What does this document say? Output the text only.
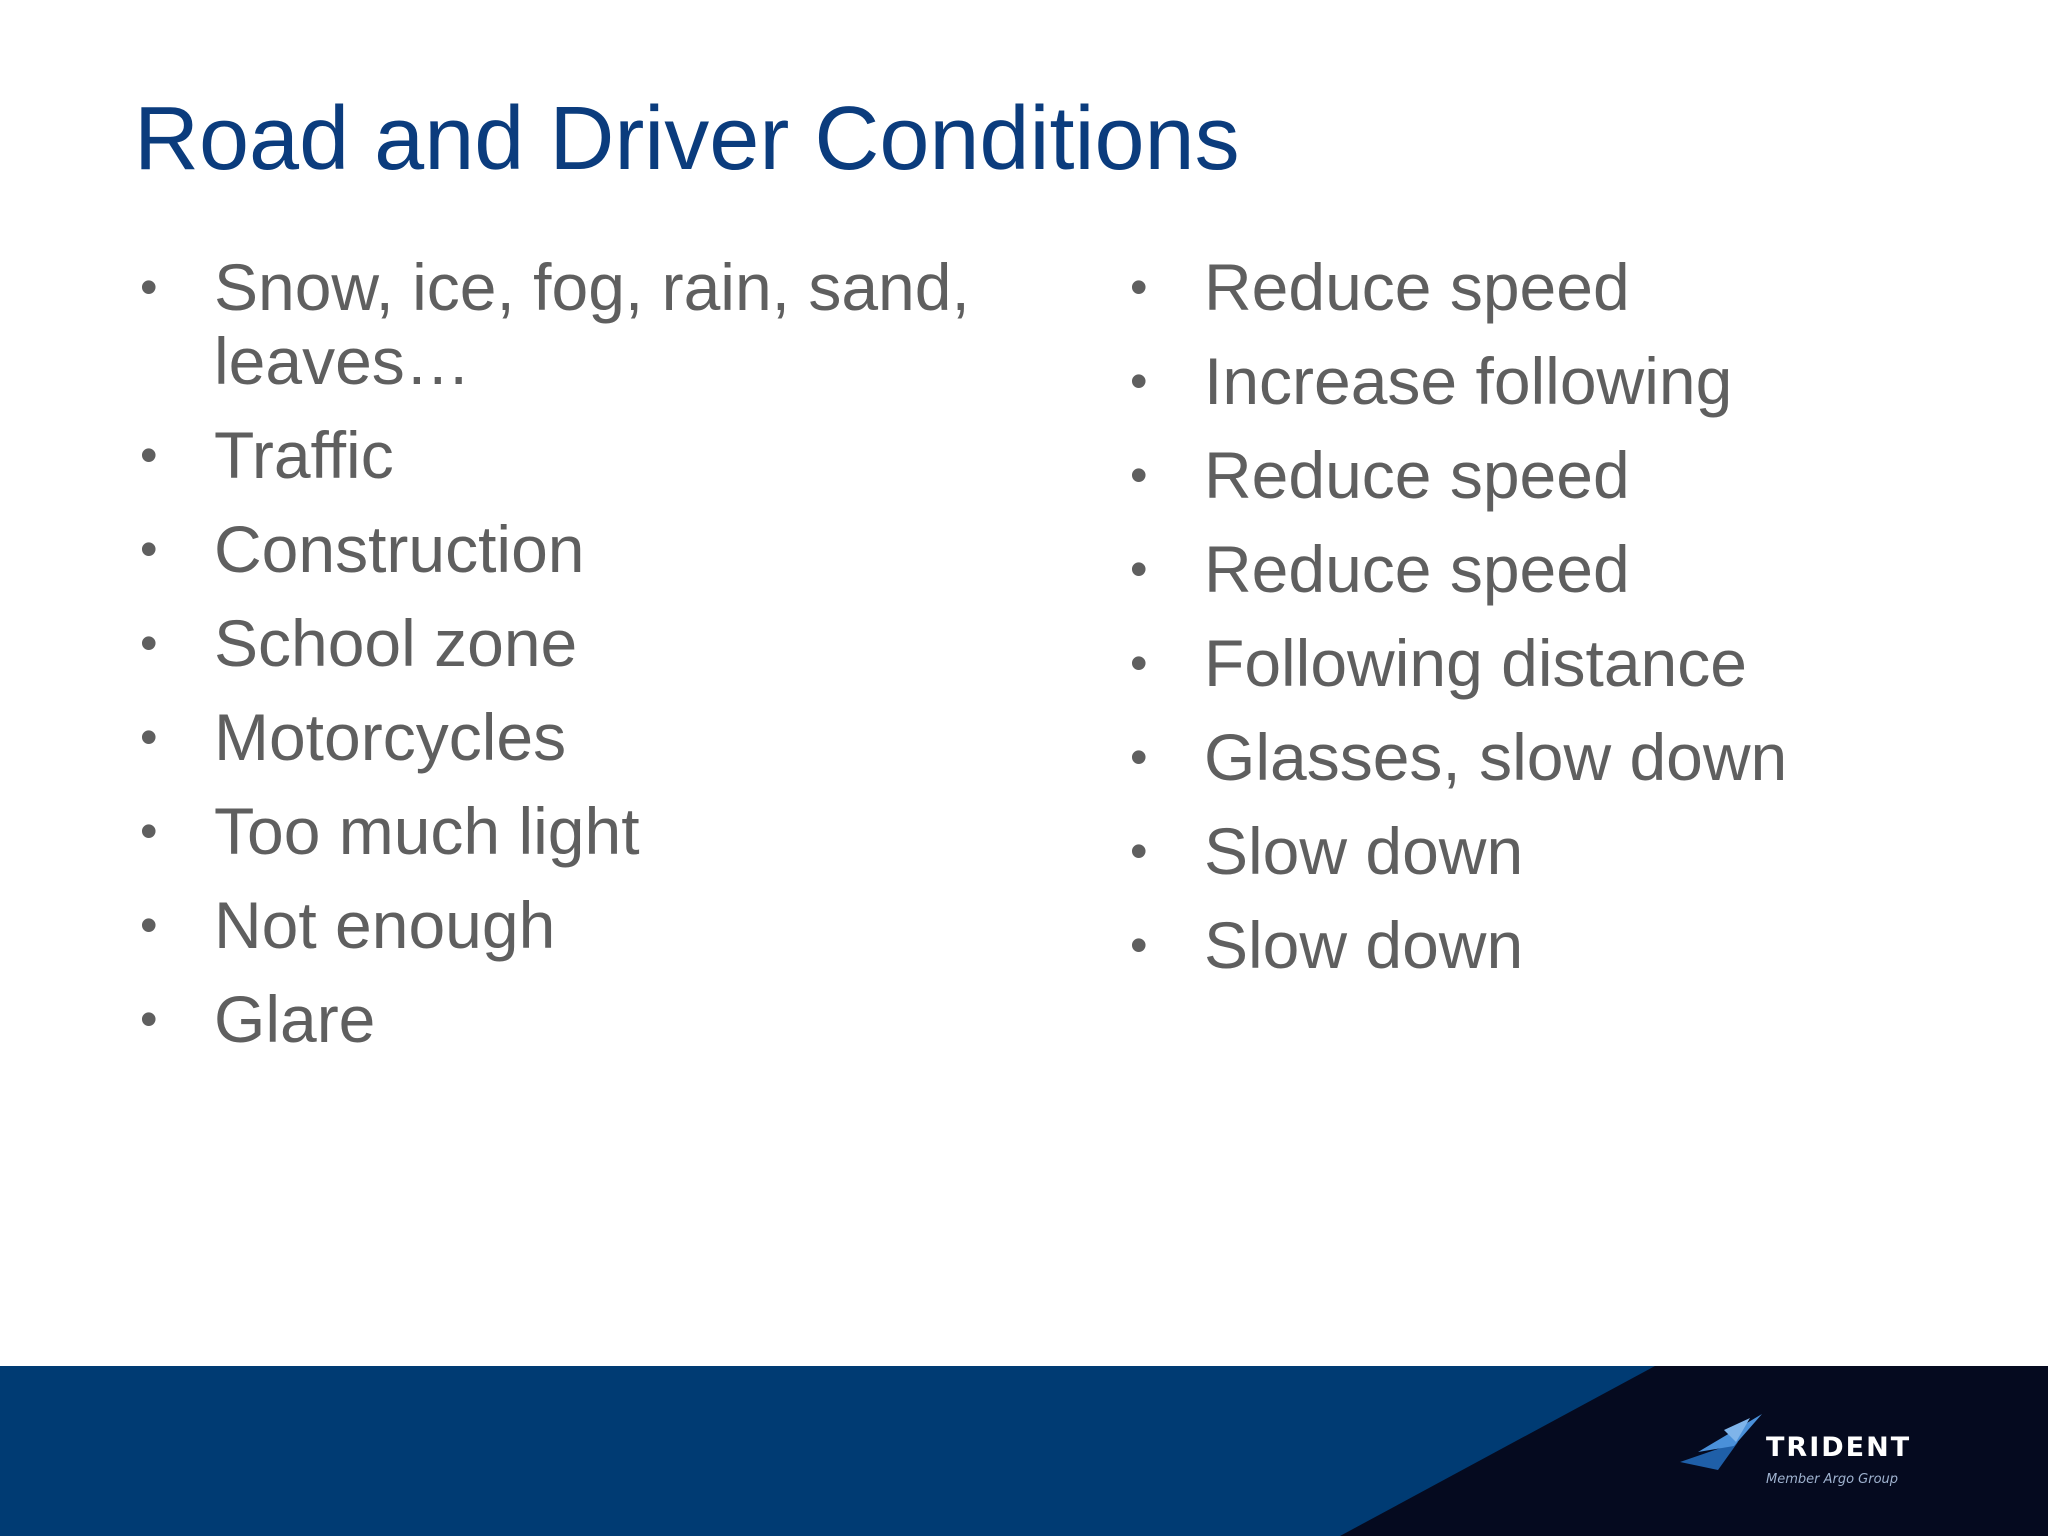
Road and Driver Conditions
• Snow, ice, fog, rain, sand, leaves…
• Traffic
• Construction
• School zone
• Motorcycles
• Too much light
• Not enough
• Glare
• Reduce speed
• Increase following
• Reduce speed
• Reduce speed
• Following distance
• Glasses, slow down
• Slow down
• Slow down
TRIDENT
Member Argo Group
